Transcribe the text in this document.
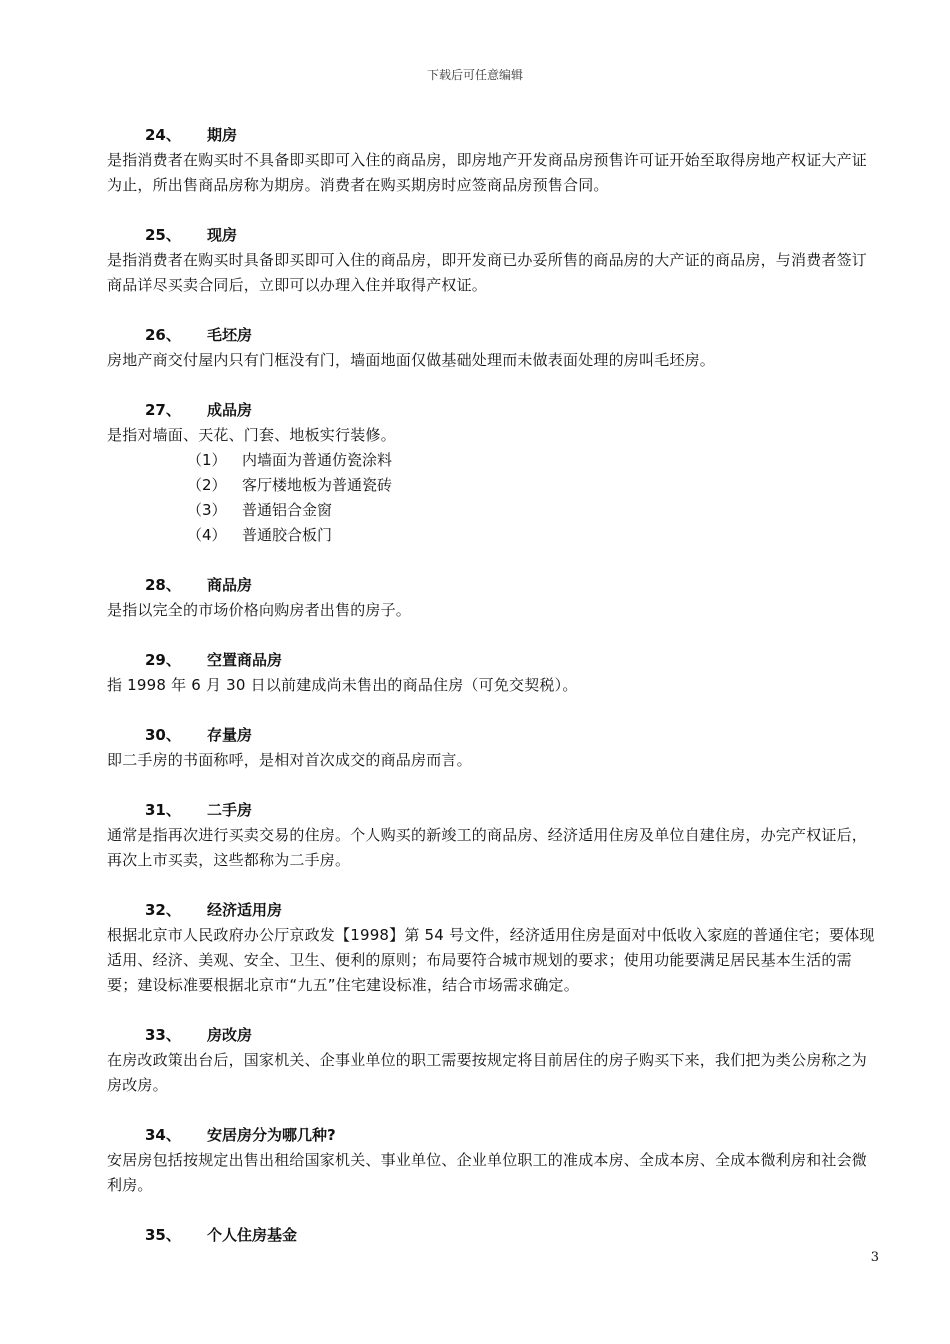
下载后可任意编辑
24、	期房
是指消费者在购买时不具备即买即可入住的商品房，即房地产开发商品房预售许可证开始至取得房地产权证大产证为止，所出售商品房称为期房。消费者在购买期房时应签商品房预售合同。
25、	现房
是指消费者在购买时具备即买即可入住的商品房，即开发商已办妥所售的商品房的大产证的商品房，与消费者签订商品详尽买卖合同后，立即可以办理入住并取得产权证。
26、	毛坯房
房地产商交付屋内只有门框没有门，墙面地面仅做基础处理而未做表面处理的房叫毛坯房。
27、	成品房
是指对墙面、天花、门套、地板实行装修。
（1）	内墙面为普通仿瓷涂料
（2）	客厅楼地板为普通瓷砖
（3）	普通铝合金窗
（4）	普通胶合板门
28、	商品房
是指以完全的市场价格向购房者出售的房子。
29、	空置商品房
指 1998 年 6 月 30 日以前建成尚未售出的商品住房（可免交契税）。
30、	存量房
即二手房的书面称呼，是相对首次成交的商品房而言。
31、	二手房
通常是指再次进行买卖交易的住房。个人购买的新竣工的商品房、经济适用住房及单位自建住房，办完产权证后，再次上市买卖，这些都称为二手房。
32、	经济适用房
根据北京市人民政府办公厅京政发【1998】第 54 号文件，经济适用住房是面对中低收入家庭的普通住宅；要体现适用、经济、美观、安全、卫生、便利的原则；布局要符合城市规划的要求；使用功能要满足居民基本生活的需要；建设标准要根据北京市“九五”住宅建设标准，结合市场需求确定。
33、	房改房
在房改政策出台后，国家机关、企事业单位的职工需要按规定将目前居住的房子购买下来，我们把为类公房称之为房改房。
34、	安居房分为哪几种?
安居房包括按规定出售出租给国家机关、事业单位、企业单位职工的准成本房、全成本房、全成本微利房和社会微利房。
35、	个人住房基金
3
